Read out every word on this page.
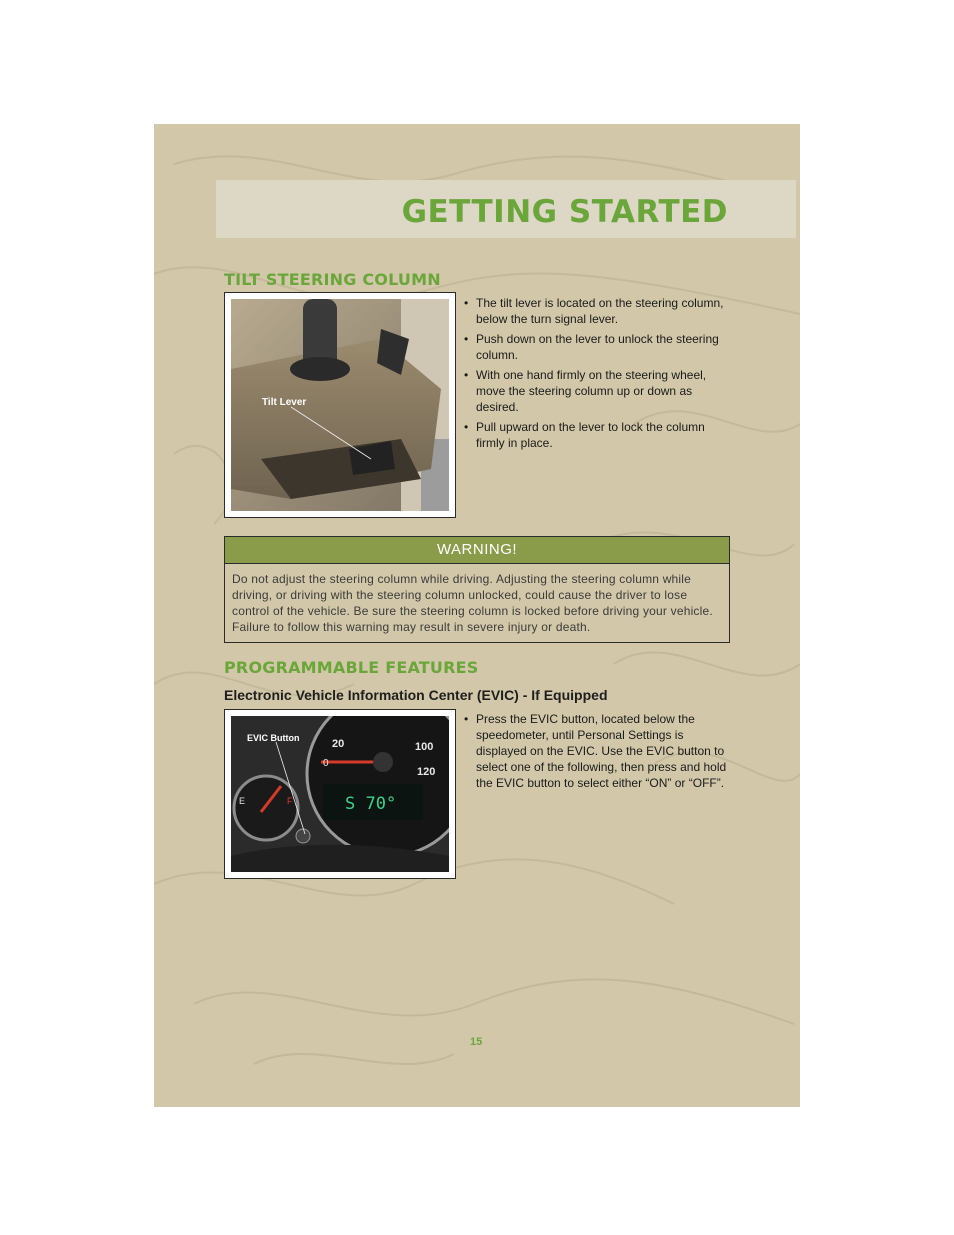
GETTING STARTED
TILT STEERING COLUMN
Tilt Lever
• The tilt lever is located on the steering column, below the turn signal lever.
• Push down on the lever to unlock the steering column.
• With one hand firmly on the steering wheel, move the steering column up or down as desired.
• Pull upward on the lever to lock the column firmly in place.
WARNING!
Do not adjust the steering column while driving. Adjusting the steering column while driving, or driving with the steering column unlocked, could cause the driver to lose control of the vehicle. Be sure the steering column is locked before driving your vehicle. Failure to follow this warning may result in severe injury or death.
PROGRAMMABLE FEATURES
Electronic Vehicle Information Center (EVIC) - If Equipped
EVIC Button	20	100
120
0
E	F	S 70°
• Press the EVIC button, located below the speedometer, until Personal Settings is displayed on the EVIC. Use the EVIC button to select one of the following, then press and hold the EVIC button to select either “ON” or “OFF”.
15
